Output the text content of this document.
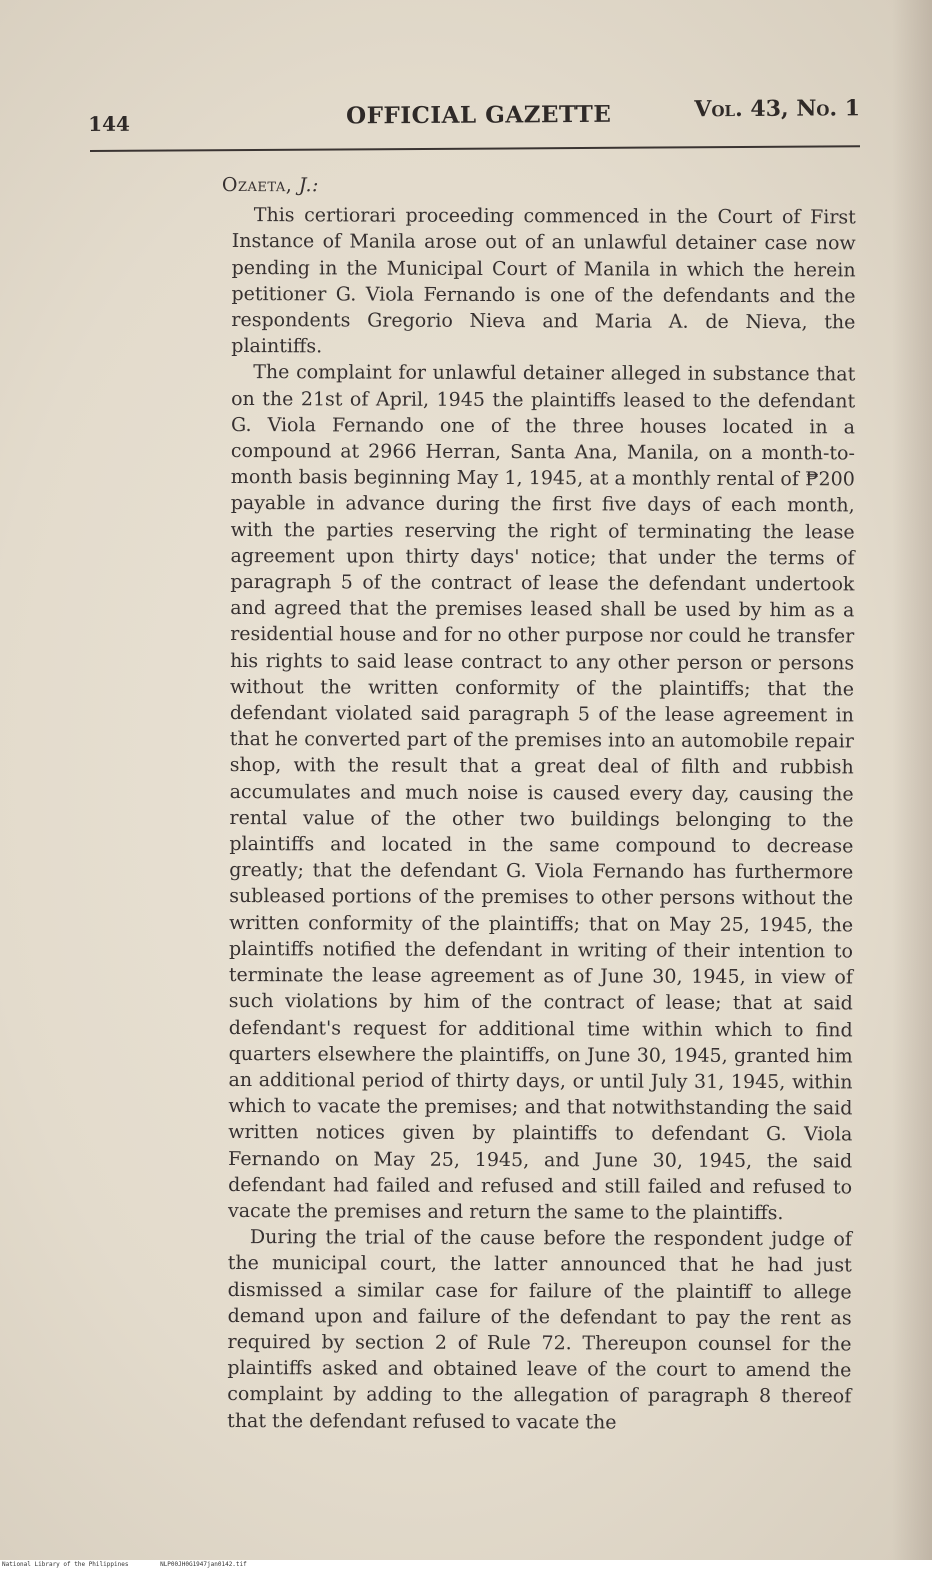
144	OFFICIAL GAZETTE	Vol. 43, No. 1

Ozaeta, J.:

This certiorari proceeding commenced in the Court of First Instance of Manila arose out of an unlawful detainer case now pending in the Municipal Court of Manila in which the herein petitioner G. Viola Fernando is one of the defendants and the respondents Gregorio Nieva and Maria A. de Nieva, the plaintiffs.

The complaint for unlawful detainer alleged in substance that on the 21st of April, 1945 the plaintiffs leased to the defendant G. Viola Fernando one of the three houses located in a compound at 2966 Herran, Santa Ana, Manila, on a month-to-month basis beginning May 1, 1945, at a monthly rental of ₱200 payable in advance during the first five days of each month, with the parties reserving the right of terminating the lease agreement upon thirty days' notice; that under the terms of paragraph 5 of the contract of lease the defendant undertook and agreed that the premises leased shall be used by him as a residential house and for no other purpose nor could he transfer his rights to said lease contract to any other person or persons without the written conformity of the plaintiffs; that the defendant violated said paragraph 5 of the lease agreement in that he converted part of the premises into an automobile repair shop, with the result that a great deal of filth and rubbish accumulates and much noise is caused every day, causing the rental value of the other two buildings belonging to the plaintiffs and located in the same compound to decrease greatly; that the defendant G. Viola Fernando has furthermore subleased portions of the premises to other persons without the written conformity of the plaintiffs; that on May 25, 1945, the plaintiffs notified the defendant in writing of their intention to terminate the lease agreement as of June 30, 1945, in view of such violations by him of the contract of lease; that at said defendant's request for additional time within which to find quarters elsewhere the plaintiffs, on June 30, 1945, granted him an additional period of thirty days, or until July 31, 1945, within which to vacate the premises; and that notwithstanding the said written notices given by plaintiffs to defendant G. Viola Fernando on May 25, 1945, and June 30, 1945, the said defendant had failed and refused and still failed and refused to vacate the premises and return the same to the plaintiffs.

During the trial of the cause before the respondent judge of the municipal court, the latter announced that he had just dismissed a similar case for failure of the plaintiff to allege demand upon and failure of the defendant to pay the rent as required by section 2 of Rule 72. Thereupon counsel for the plaintiffs asked and obtained leave of the court to amend the complaint by adding to the allegation of paragraph 8 thereof that the defendant refused to vacate the

National Library of the Philippines	NLP00JH0G1947jan0142.tif
